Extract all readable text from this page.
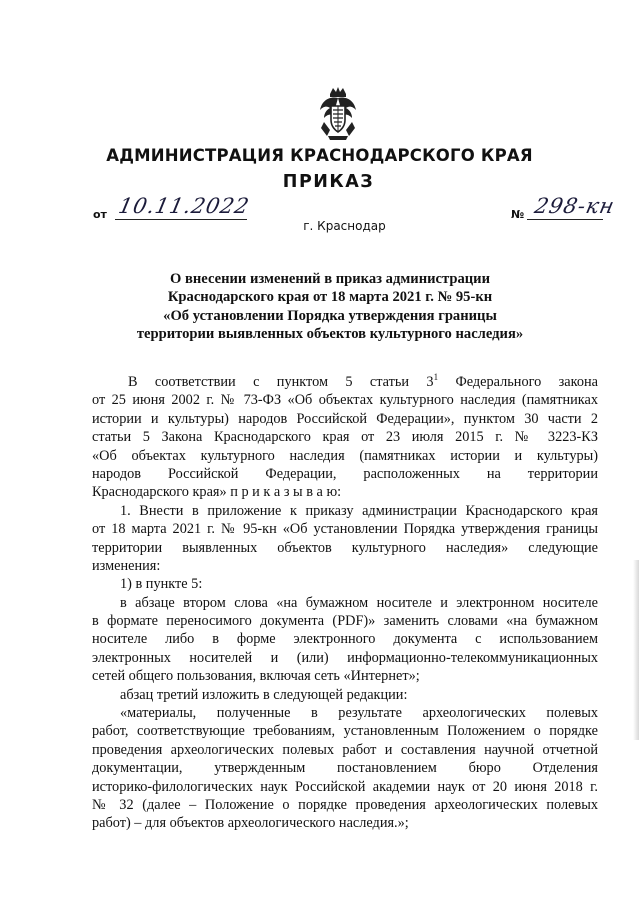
АДМИНИСТРАЦИЯ КРАСНОДАРСКОГО КРАЯ
ПРИКАЗ
от 10.11.2022	№ 298-кн
г. Краснодар
О внесении изменений в приказ администрации
Краснодарского края от 18 марта 2021 г. № 95-кн
«Об установлении Порядка утверждения границы
территории выявленных объектов культурного наследия»
В соответствии с пунктом 5 статьи $3^1$ Федерального закона
от 25 июня 2002 г. № 73-ФЗ «Об объектах культурного наследия (памятниках
истории и культуры) народов Российской Федерации», пунктом 30 части 2
статьи 5 Закона Краснодарского края от 23 июля 2015 г. № 3223-КЗ
«Об объектах культурного наследия (памятниках истории и культуры)
народов Российской Федерации, расположенных на территории
Краснодарского края» п р и к а з ы в а ю:
1. Внести в приложение к приказу администрации Краснодарского края
от 18 марта 2021 г. № 95-кн «Об установлении Порядка утверждения границы
территории выявленных объектов культурного наследия» следующие
изменения:
1) в пункте 5:
в абзаце втором слова «на бумажном носителе и электронном носителе
в формате переносимого документа (PDF)» заменить словами «на бумажном
носителе либо в форме электронного документа с использованием
электронных носителей и (или) информационно-телекоммуникационных
сетей общего пользования, включая сеть «Интернет»;
абзац третий изложить в следующей редакции:
«материалы, полученные в результате археологических полевых
работ, соответствующие требованиям, установленным Положением о порядке
проведения археологических полевых работ и составления научной отчетной
документации, утвержденным постановлением бюро Отделения
историко-филологических наук Российской академии наук от 20 июня 2018 г.
№ 32 (далее – Положение о порядке проведения археологических полевых
работ) – для объектов археологического наследия.»;
